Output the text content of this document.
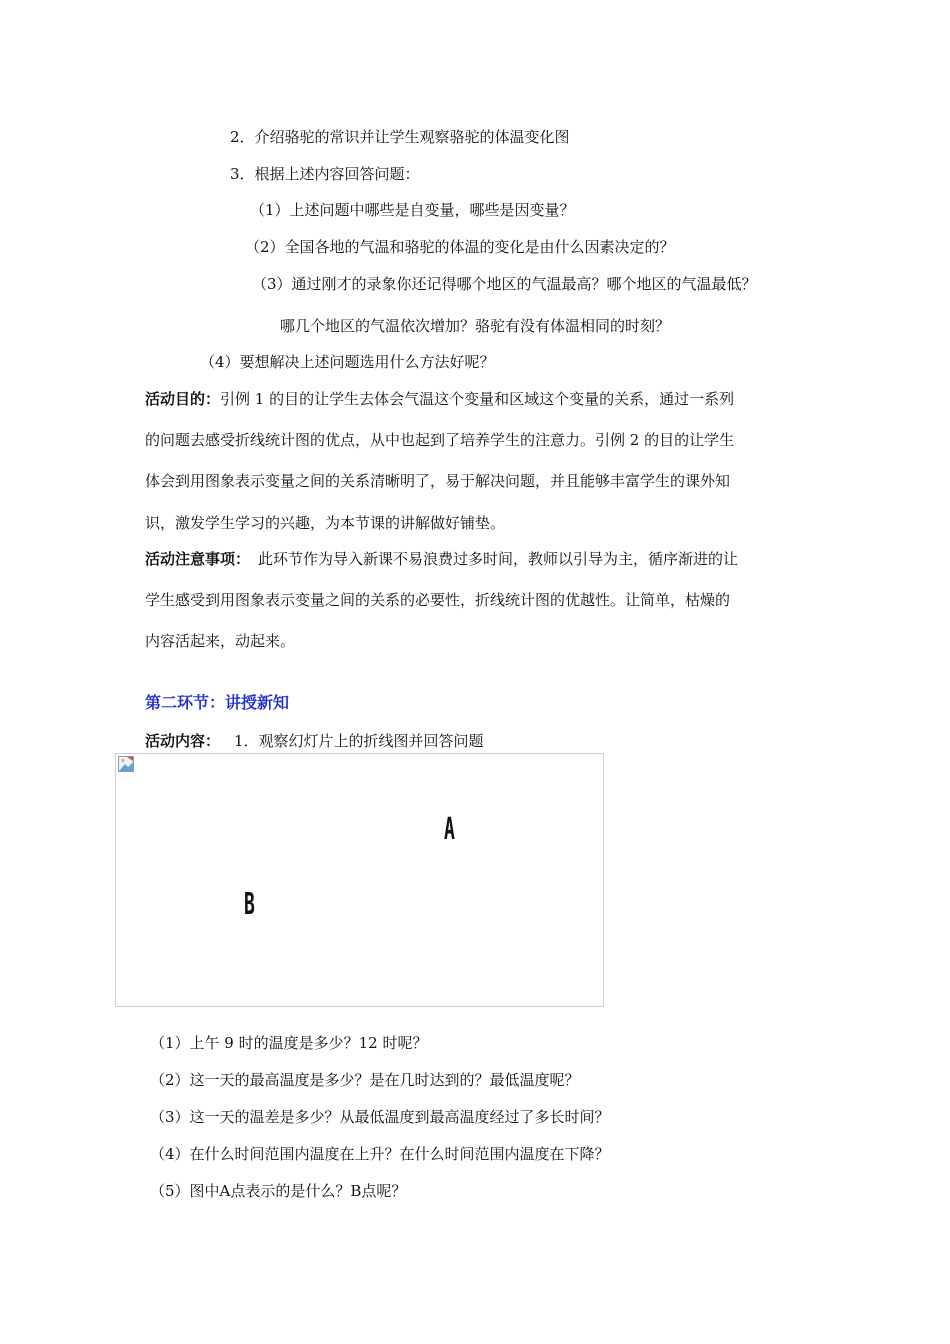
2．介绍骆驼的常识并让学生观察骆驼的体温变化图
3．根据上述内容回答问题：
（1）上述问题中哪些是自变量，哪些是因变量？
（2）全国各地的气温和骆驼的体温的变化是由什么因素决定的？
（3）通过刚才的录象你还记得哪个地区的气温最高？哪个地区的气温最低？
哪几个地区的气温依次增加？骆驼有没有体温相同的时刻？
（4）要想解决上述问题选用什么方法好呢？
活动目的：引例 1 的目的让学生去体会气温这个变量和区域这个变量的关系，通过一系列
的问题去感受折线统计图的优点，从中也起到了培养学生的注意力。引例 2 的目的让学生
体会到用图象表示变量之间的关系清晰明了，易于解决问题，并且能够丰富学生的课外知
识，激发学生学习的兴趣，为本节课的讲解做好铺垫。
活动注意事项： 此环节作为导入新课不易浪费过多时间，教师以引导为主，循序渐进的让
学生感受到用图象表示变量之间的关系的必要性，折线统计图的优越性。让简单，枯燥的
内容活起来，动起来。
第二环节：讲授新知
活动内容： 1．观察幻灯片上的折线图并回答问题
A
B
（1）上午 9 时的温度是多少？12 时呢？
（2）这一天的最高温度是多少？是在几时达到的？最低温度呢？
（3）这一天的温差是多少？从最低温度到最高温度经过了多长时间？
（4）在什么时间范围内温度在上升？在什么时间范围内温度在下降？
（5）图中A点表示的是什么？B点呢？
